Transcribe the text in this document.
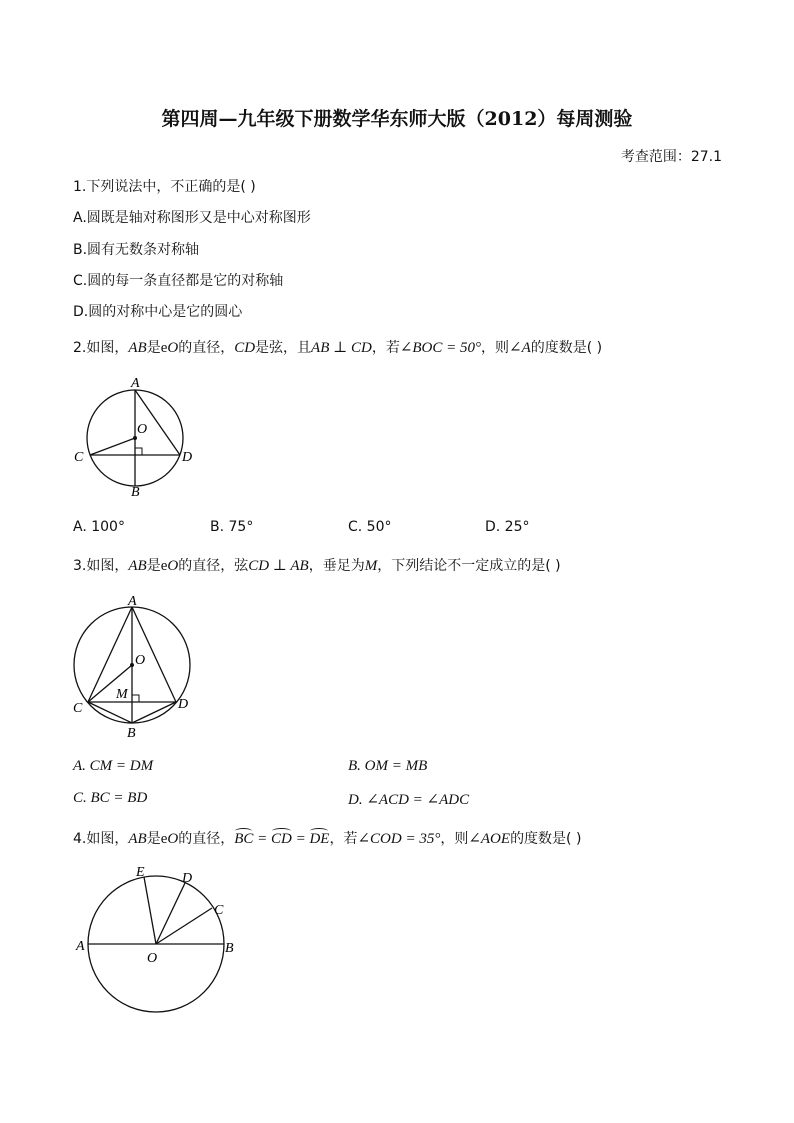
第四周—九年级下册数学华东师大版（2012）每周测验
考查范围：27.1
1.下列说法中，不正确的是( )
A.圆既是轴对称图形又是中心对称图形
B.圆有无数条对称轴
C.圆的每一条直径都是它的对称轴
D.圆的对称中心是它的圆心
2.如图，AB是eO的直径，CD是弦，且AB ⊥ CD，若∠BOC = 50°，则∠A的度数是( )
A
O
C	D
B
A. 100°	B. 75°	C. 50°	D. 25°
3.如图，AB是eO的直径，弦CD ⊥ AB，垂足为M，下列结论不一定成立的是( )
A
O
M
C	D
B
A. CM = DM	B. OM = MB
C. BC = BD	D. ∠ACD = ∠ADC
4.如图，AB是eO的直径，BC = CD = DE，若∠COD = 35°，则∠AOE的度数是( )
E	D
C
A
O
B
